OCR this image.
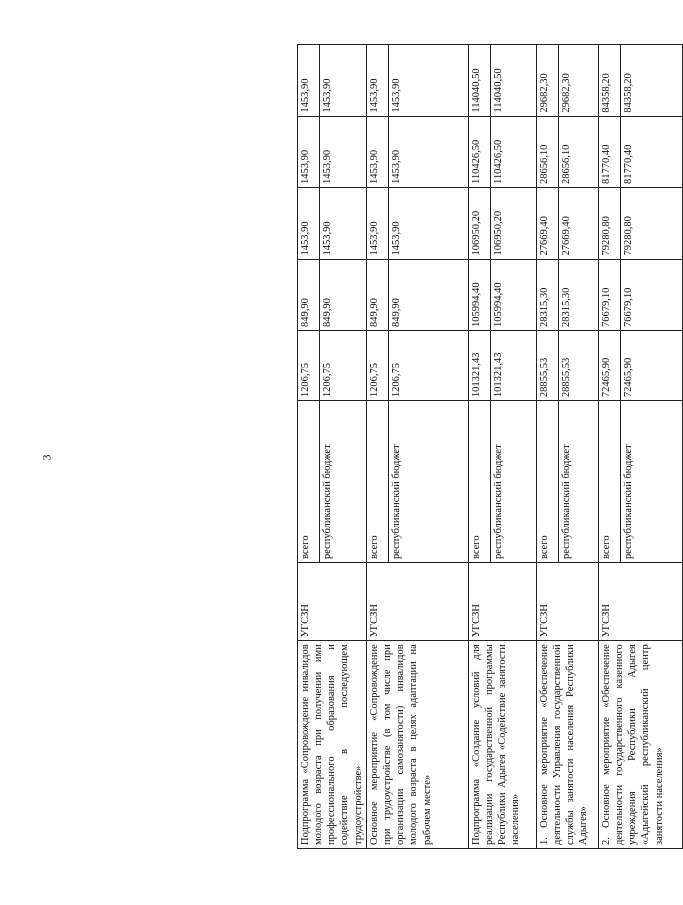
3
Подпрограмма «Сопровождение инвалидов молодого возраста при получении ими профессионального образования и содействие в последующем трудоустройстве»	УГСЗН	всего	1206,75	849,90	1453,90	1453,90	1453,90
		республиканский бюджет	1206,75	849,90	1453,90	1453,90	1453,90
Основное мероприятие «Сопровождение при трудоустройстве (в том числе при организации самозанятости) инвалидов молодого возраста в целях адаптации на рабочем месте»	УГСЗН	всего	1206,75	849,90	1453,90	1453,90	1453,90
		республиканский бюджет	1206,75	849,90	1453,90	1453,90	1453,90
Подпрограмма «Создание условий для реализации государственной программы Республики Адыгея «Содействие занятости населения»	УГСЗН	всего	101321,43	105994,40	106950,20	110426,50	114040,50
		республиканский бюджет	101321,43	105994,40	106950,20	110426,50	114040,50
1. Основное мероприятие «Обеспечение деятельности Управления государственной службы занятости населения Республики Адыгея»	УГСЗН	всего	28855,53	28315,30	27669,40	28656,10	29682,30
		республиканский бюджет	28855,53	28315,30	27669,40	28656,10	29682,30
2. Основное мероприятие «Обеспечение деятельности государственного казенного учреждения Республики Адыгея «Адыгейский республиканский центр занятости населения»	УГСЗН	всего	72465,90	76679,10	79280,80	81770,40	84358,20
		республиканский бюджет	72465,90	76679,10	79280,80	81770,40	84358,20
